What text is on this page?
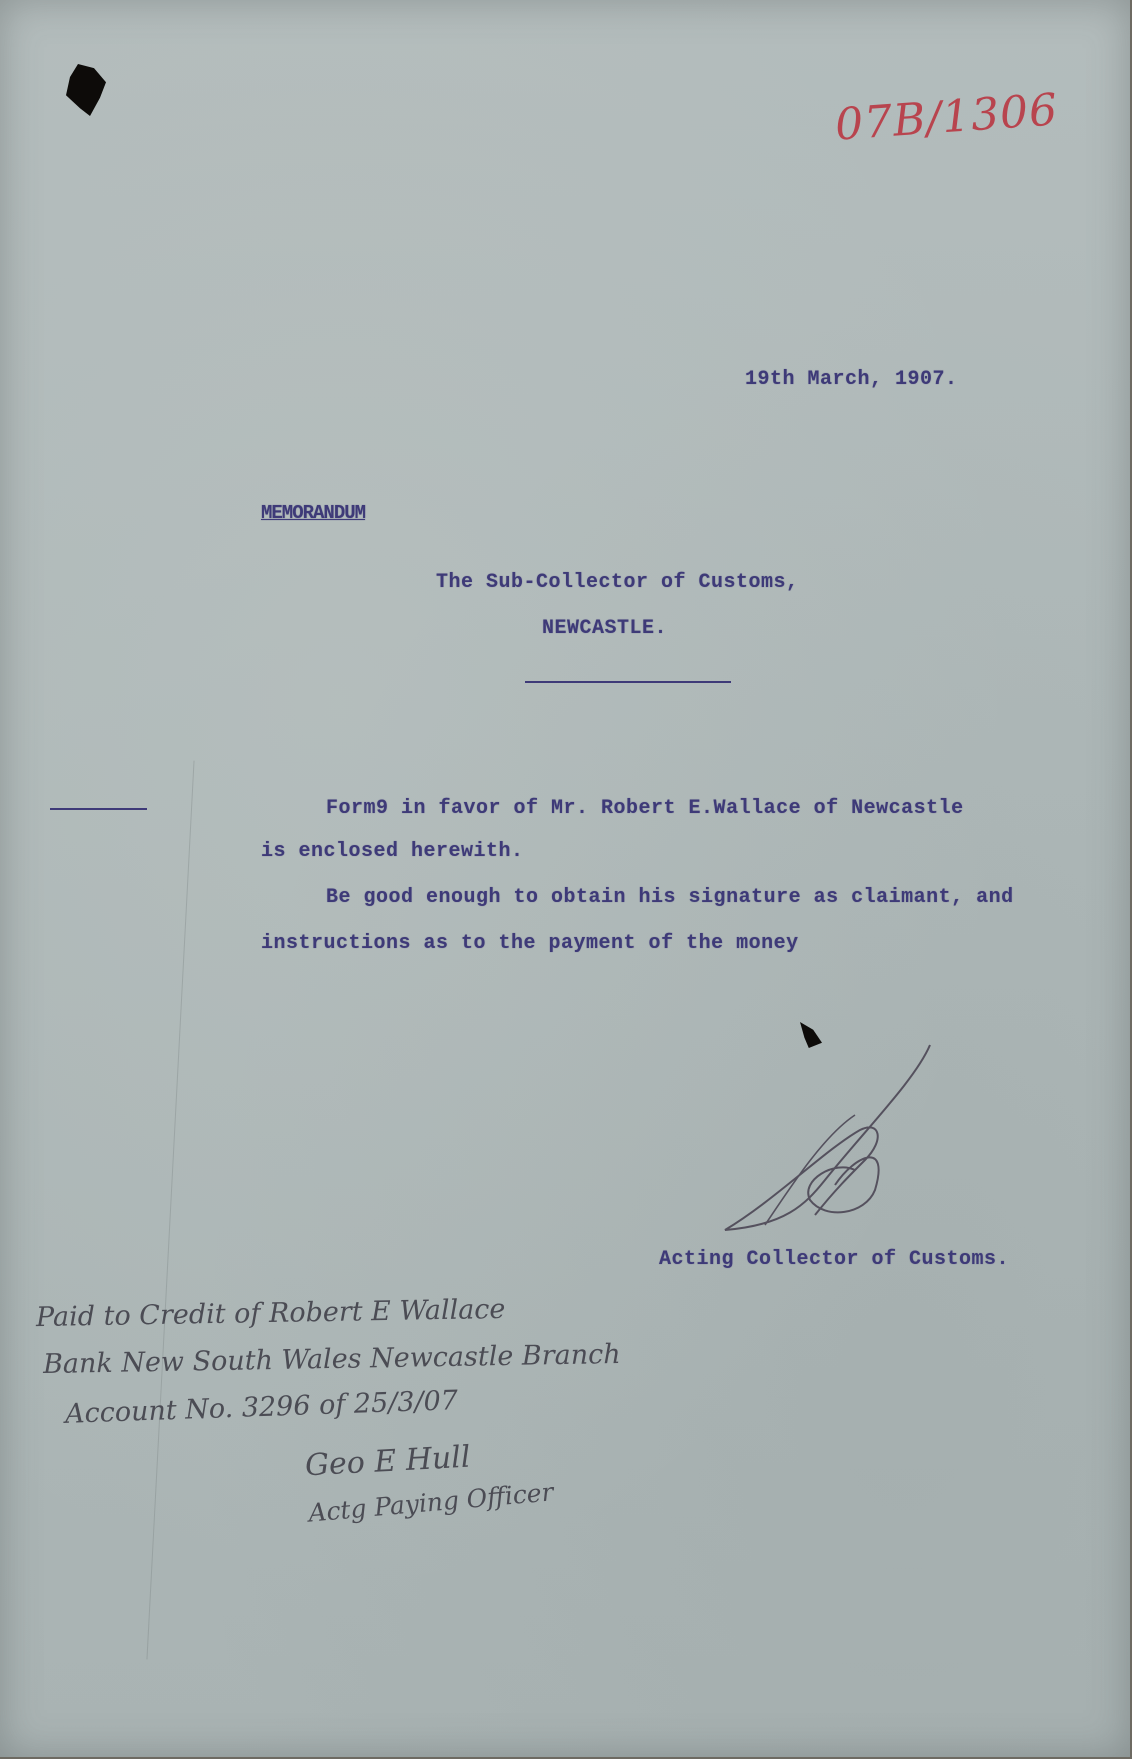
07B/1306
19th March, 1907.
MEMORANDUM
The Sub-Collector of Customs,
NEWCASTLE.
Form9 in favor of Mr. Robert E.Wallace of Newcastle
is enclosed herewith.
Be good enough to obtain his signature as claimant, and
instructions as to the payment of the money
Acting Collector of Customs.
Paid to Credit of Robert E Wallace
Bank New South Wales Newcastle Branch
Account No. 3296 of 25/3/07
Geo E Hull
Actg Paying Officer
